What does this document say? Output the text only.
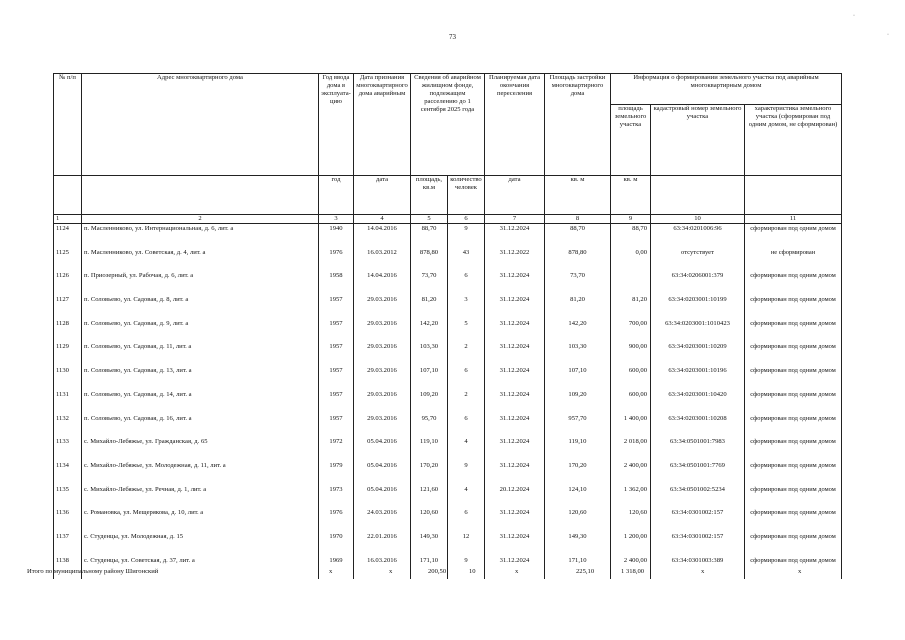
73
№ п/п	Адрес многоквартирного дома	Год ввода дома в эксплуата-цию	Дата признания многоквартирного дома аварийным	Сведения об аварийном жилищном фонде, подлежащем расселению до 1 сентября 2025 года		Планируемая дата окончания переселения	Площадь застройки многоквартирного дома	Информация о формировании земельного участка под аварийным многоквартирным домом		
								площадь земельного участка	кадастровый номер земельного участка	характеристика земельного участка (сформирован под одним домом, не сформирован)
		год	дата	площадь, кв.м	количество человек	дата	кв. м	кв. м		
1	2	3	4	5	6	7	8	9	10	11
1124	п. Масленниково, ул. Интернациональная, д. 6, лит. а	1940	14.04.2016	88,70	9	31.12.2024	88,70	88,70	63:34:0201006:96	сформирован под одним домом
1125	п. Масленниково, ул. Советская, д. 4, лит. а	1976	16.03.2012	878,80	43	31.12.2022	878,80	0,00	отсутствует	не сформирован
1126	п. Приозерный, ул. Рабочая, д. 6, лит. а	1958	14.04.2016	73,70	6	31.12.2024	73,70		63:34:0206001:379	сформирован под одним домом
1127	п. Соловьево, ул. Садовая, д. 8, лит. а	1957	29.03.2016	81,20	3	31.12.2024	81,20	81,20	63:34:0203001:10199	сформирован под одним домом
1128	п. Соловьево, ул. Садовая, д. 9, лит. а	1957	29.03.2016	142,20	5	31.12.2024	142,20	700,00	63:34:0203001:1010423	сформирован под одним домом
1129	п. Соловьево, ул. Садовая, д. 11, лит. а	1957	29.03.2016	103,30	2	31.12.2024	103,30	900,00	63:34:0203001:10209	сформирован под одним домом
1130	п. Соловьево, ул. Садовая, д. 13, лит. а	1957	29.03.2016	107,10	6	31.12.2024	107,10	600,00	63:34:0203001:10196	сформирован под одним домом
1131	п. Соловьево, ул. Садовая, д. 14, лит. а	1957	29.03.2016	109,20	2	31.12.2024	109,20	600,00	63:34:0203001:10420	сформирован под одним домом
1132	п. Соловьево, ул. Садовая, д. 16, лит. а	1957	29.03.2016	95,70	6	31.12.2024	957,70	1 400,00	63:34:0203001:10208	сформирован под одним домом
1133	с. Михайло-Лебяжье, ул. Гражданская, д. 65	1972	05.04.2016	119,10	4	31.12.2024	119,10	2 018,00	63:34:0501001:7983	сформирован под одним домом
1134	с. Михайло-Лебяжье, ул. Молодежная, д. 11, лит. а	1979	05.04.2016	170,20	9	31.12.2024	170,20	2 400,00	63:34:0501001:7769	сформирован под одним домом
1135	с. Михайло-Лебяжье, ул. Речная, д. 1, лит. а	1973	05.04.2016	121,60	4	20.12.2024	124,10	1 362,00	63:34:0501002:5234	сформирован под одним домом
1136	с. Романовка, ул. Мещерякова, д. 10, лит. а	1976	24.03.2016	120,60	6	31.12.2024	120,60	120,60	63:34:0301002:157	сформирован под одним домом
1137	с. Студенцы, ул. Молодежная, д. 15	1970	22.01.2016	149,30	12	31.12.2024	149,30	1 200,00	63:34:0301002:157	сформирован под одним домом
1138	с. Студенцы, ул. Советская, д. 37, лит. а	1969	16.03.2016	171,10	9	31.12.2024	171,10	2 400,00	63:34:0301003:389	сформирован под одним домом
Итого по муниципальному району Шигонский	x	x	200,50	10	x	225,10	1 318,00	x	x
·
·
